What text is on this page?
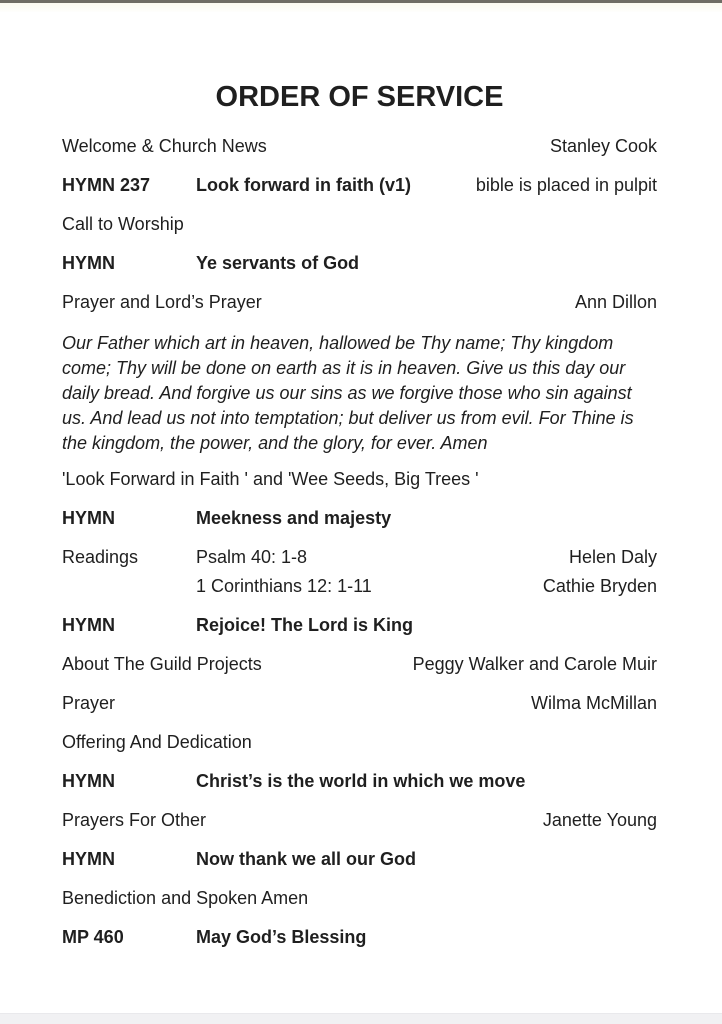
ORDER OF SERVICE
Welcome & Church News	Stanley Cook
HYMN 237	Look forward in faith (v1)	bible is placed in pulpit
Call to Worship
HYMN	Ye servants of God
Prayer and Lord’s Prayer	Ann Dillon
Our Father which art in heaven, hallowed be Thy name; Thy kingdom
come; Thy will be done on earth as it is in heaven. Give us this day our
daily bread. And forgive us our sins as we forgive those who sin against
us. And lead us not into temptation; but deliver us from evil. For Thine is
the kingdom, the power, and the glory, for ever. Amen
'Look Forward in Faith ' and 'Wee Seeds, Big Trees '
HYMN	Meekness and majesty
Readings	Psalm 40: 1-8	Helen Daly
1 Corinthians 12: 1-11	Cathie Bryden
HYMN	Rejoice! The Lord is King
About The Guild Projects	Peggy Walker and Carole Muir
Prayer	Wilma McMillan
Offering And Dedication
HYMN	Christ’s is the world in which we move
Prayers For Other	Janette Young
HYMN	Now thank we all our God
Benediction and Spoken Amen
MP 460	May God’s Blessing
